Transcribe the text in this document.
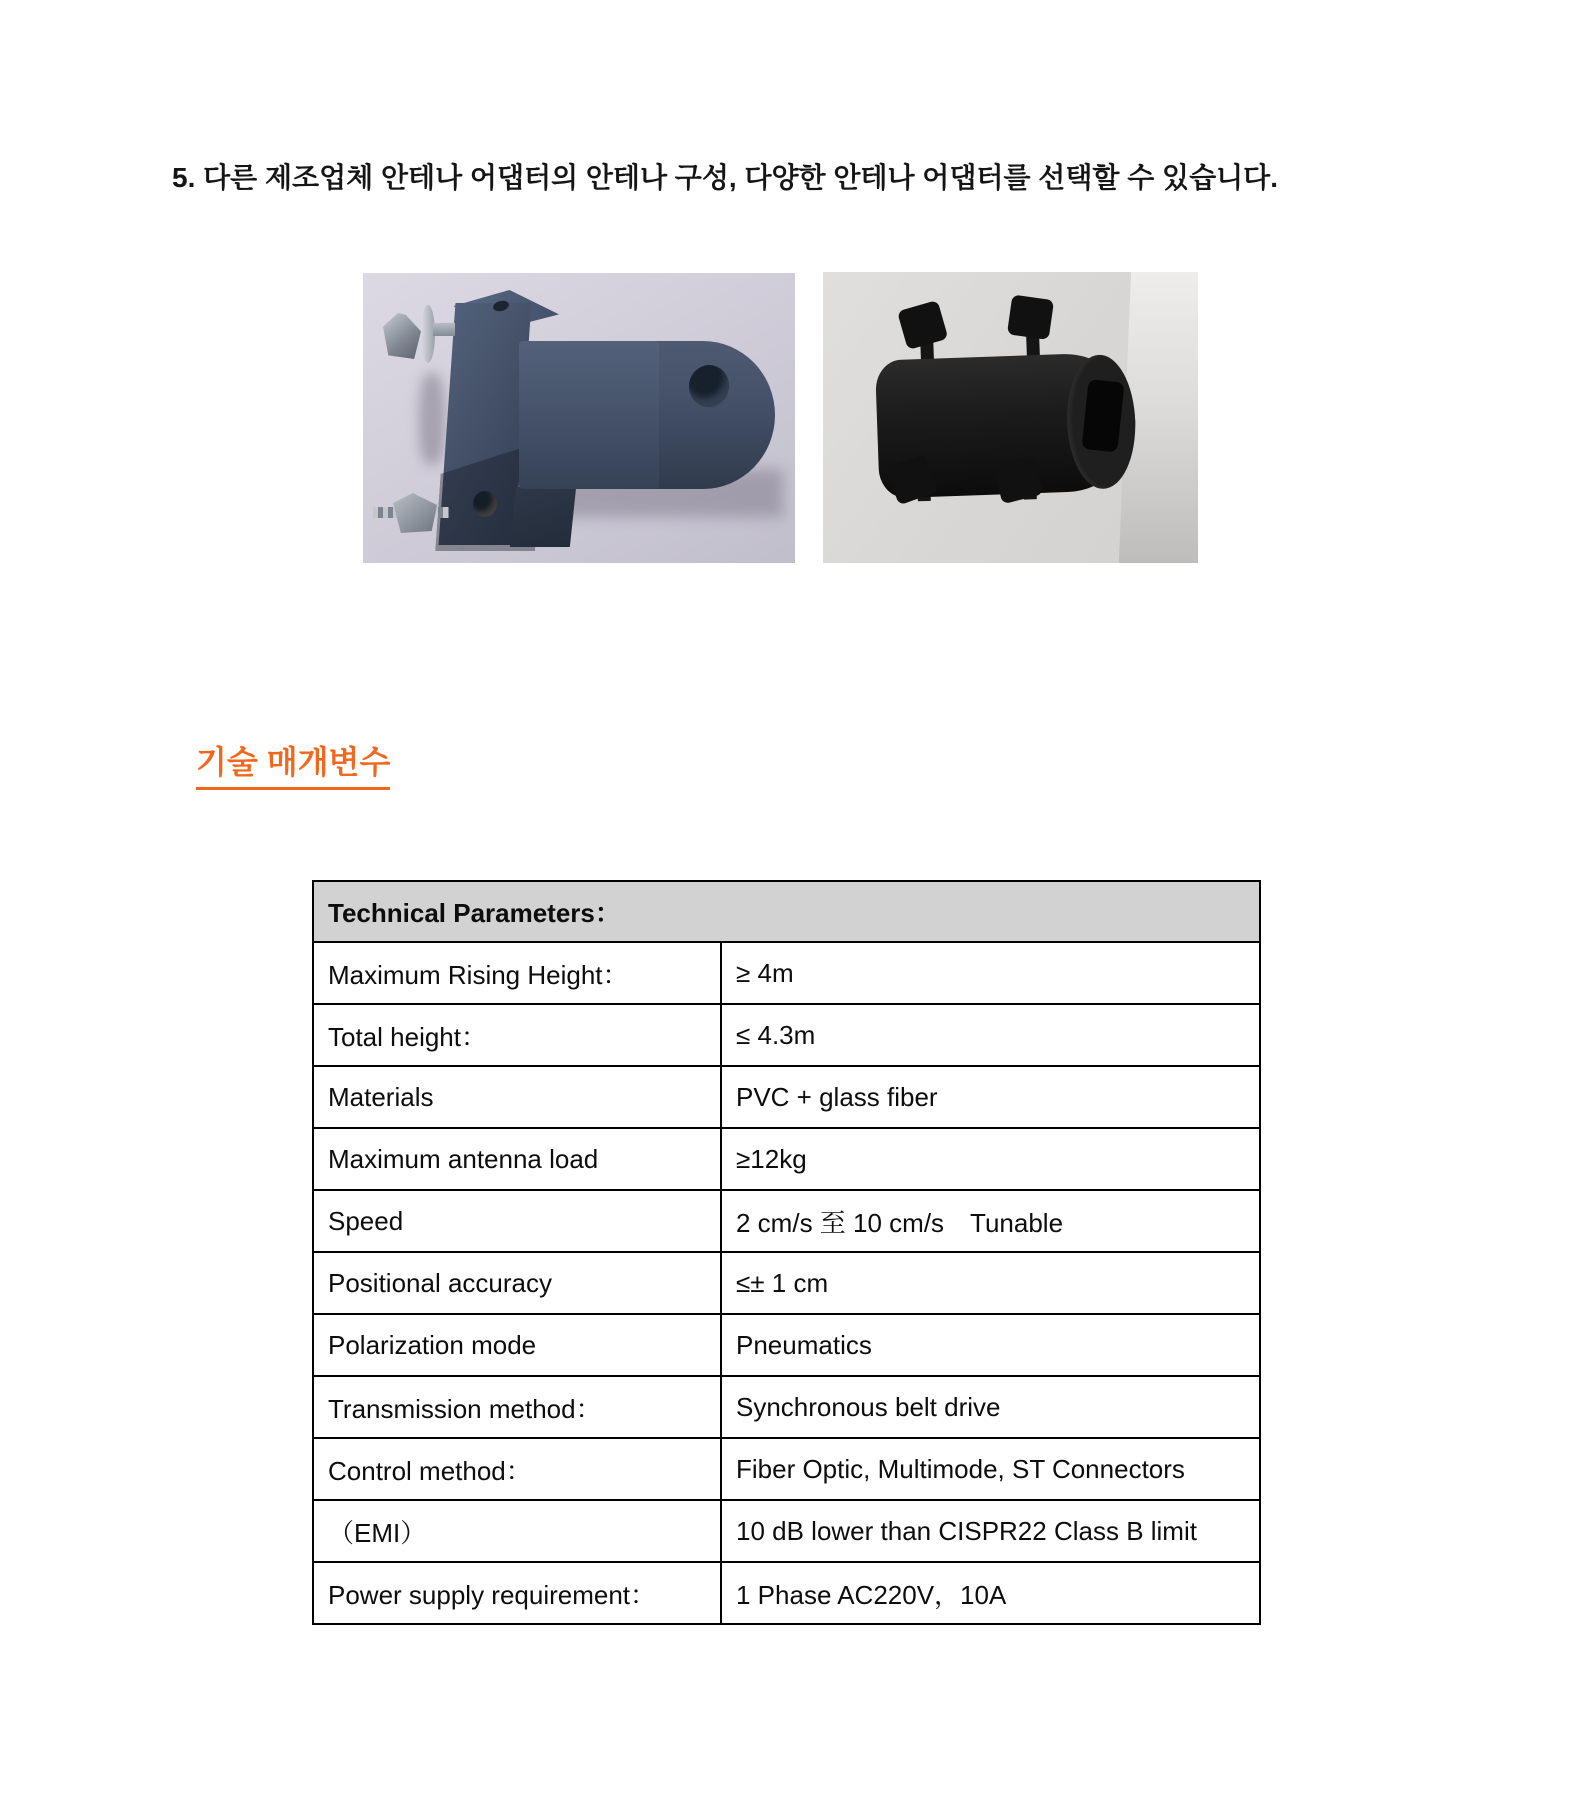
5. 다른 제조업체 안테나 어댑터의 안테나 구성, 다양한 안테나 어댑터를 선택할 수 있습니다.
기술 매개변수
Technical Parameters：	
Maximum Rising Height：	≥ 4m
Total height：	≤ 4.3m
Materials	PVC + glass fiber
Maximum antenna load	≥12kg
Speed	2 cm/s 至 10 cm/s　Tunable
Positional accuracy	≤± 1 cm
Polarization mode	Pneumatics
Transmission method：	Synchronous belt drive
Control method：	Fiber Optic, Multimode, ST Connectors
（EMI）	10 dB lower than CISPR22 Class B limit
Power supply requirement：	1 Phase AC220V，10A
